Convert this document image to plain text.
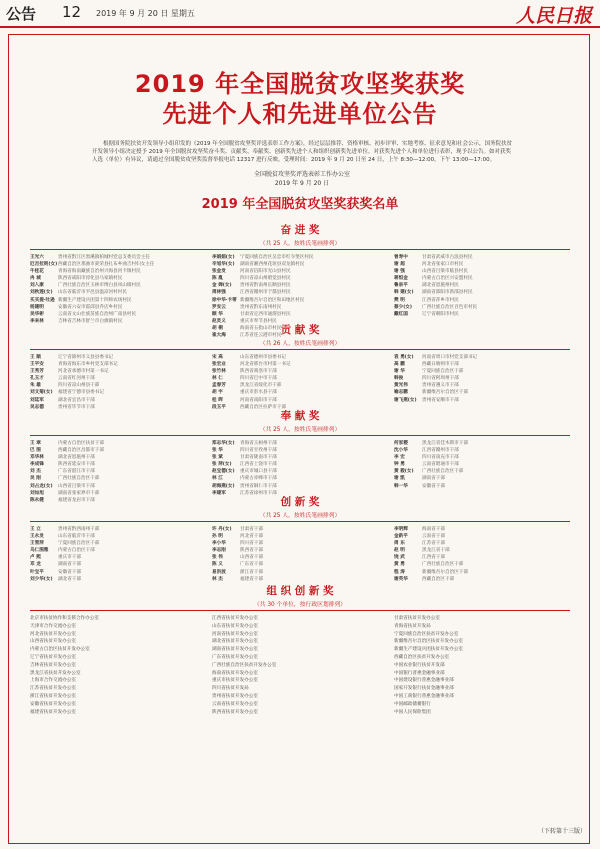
公告 12 2019 年 9 月 20 日 星期五	人民日报
2019 年全国脱贫攻坚奖获奖
先进个人和先进单位公告
根据国务院扶贫开发领导小组印发的《2019 年全国脱贫攻坚奖评选表彰工作方案》，经过层层推荐、资格审核、初步评审、实地考察、征求意见和社会公示，国务院扶贫开发领导小组决定授予 2019 年全国脱贫攻坚奖奋斗奖、贡献奖、奉献奖、创新奖先进个人和组织创新奖先进单位。对获奖先进个人和单位进行表彰，现予以公告。如对获奖人选（单位）有异议，请通过全国脱贫攻坚奖监督举报电话 12317 进行反映。受理时间：2019 年 9 月 20 日至 24 日，上午 8:30—12:00，下午 13:00—17:00。
全国脱贫攻坚奖评选表彰工作办公室
2019 年 9 月 20 日
2019 年全国脱贫攻坚奖获奖名单
奋 进 奖
（共 25 人，按姓氏笔画排列）
王光六	贵州省黔江区黑溪镇柏城村党总支委员会主任
厄吉拉则(女)西藏自治区那曲市聂荣县扎布乡曲吉村妇女主任
牛桂花	青海省海南藏族自治州兴海县河卡镇村民
冉 城	陕西省咸阳市淳化县马家镇村民
刘入康	广西壮族自治区玉林市博白县凤山镇村民
刘秋莲(女) 山东省临沂市平邑县温凉河村村民
买买提·吐逊 新疆生产建设兵团第十四师农场村民
杨建明	安徽省六安市霍邱县乔店乡村民
吴华彬	云南省文山壮族苗族自治州广南县村民
李来林	吉林省吉林市舒兰市白旗镇村民
李娟娟(女) 宁夏回族自治区吴忠市红寺堡区村民
辛旭华(女) 湖南省湘西州花垣县双龙镇村民
张金发	河南省信阳市光山县村民
陈 胤	四川省凉山州昭觉县村民
金 婵(女) 贵州省黔南州长顺县村民
周林强	江西省赣州市于都县村民
徐中华·卡蒂 新疆维吾尔自治区和田地区村民
罗安云	贵州省黔东南州村民
顾 华	甘肃省定西市通渭县村民
赵灵义	重庆市奉节县村民
胡 桐	海南省五指山市村民
崔大海	江苏省连云港市村民
曾寿中	甘肃省武威市古浪县村民
谢 超	河北省张家口市村民
谢 强	山西省吕梁市临县村民
蒋恒金	内蒙古自治区兴安盟村民
鲁泉平	湖北省恩施州村民
韩 建(女) 湖南省邵阳市新邵县村民
樊 明	江西省萍乡市村民
蔡少(女) 广西壮族自治区百色市村民
戴红国	辽宁省朝阳市村民
贡 献 奖
（共 26 人，按姓氏笔画排列）
王 顺	辽宁省锦州市义县县委书记
王平安	青海省海东市乡村党支部书记
王秀芳	河北省承德市村第一书记
孔玉才	云南省红河州干部
朱 雄	四川省凉山州县干部
刘文菊(女) 福建省宁德市县委书记
刘廷军	湖北省宜昌市干部
吴志德	贵州省毕节市干部
宋 高	山东省德州市县委书记
张宏业	河北省邢台市村第一书记
张竹林	陕西省商洛市干部
林 仁	四川省巴中市干部
孟春芳	黑龙江省绥化市干部
胡 宇	重庆市彭水县干部
桂 晖	河南省南阳市干部
段玉平	西藏自治区拉萨市干部
袁 勇(女) 河南省周口市村党支部书记
高 鹏	西藏日喀则市干部
谢 华	宁夏回族自治区干部
韩俊	四川省阿坝州干部
黄光伟	贵州省遵义市干部
喻志鹏	新疆维吾尔自治区干部
谢飞燕(女) 贵州省安顺市干部
奉 献 奖
（共 25 人，按姓氏笔画排列）
王 翠	内蒙古自治区扶贫干部
巴 图	西藏自治区昌都市干部
邓华林	湖北省恩施州干部
李成锋	陕西省延安市干部
刘 杰	广东省湛江市干部
吴 刚	广西壮族自治区干部
刘占龙(女) 山西省吕梁市干部
刘如旭	湖南省张家界市干部
陈永健	福建省龙岩市干部
郑志华(女) 青海省玉树州干部
张 华	四川省甘孜州干部
张 斌	甘肃省陇南市干部
张 萍(女) 江西省上饶市干部
赵宝德(女) 重庆市城口县干部
林 江	内蒙古赤峰市干部
胡海燕(女) 贵州省铜仁市干部
李建军	江苏省徐州市干部
何家稷	黑龙江省佳木斯市干部
沈小华	江西省赣州市干部
李 宏	四川省南充市干部
钟 勇	云南省昭通市干部
黄 毅(女) 广西壮族自治区干部
谢 凯	湖南省干部
韩一华	安徽省干部
创 新 奖
（共 25 人，按姓氏笔画排列）
王 立	贵州省黔西南州干部
王永发	山东省临沂市干部
王雪萍	宁夏回族自治区干部
乌仁图雅 内蒙古自治区干部
卢 熙	重庆市干部
邓 龙	湖南省干部
叶宝平	安徽省干部
刘少华(女) 湖北省干部
许 丹(女) 甘肃省干部
孙 明	河北省干部
李小华	四川省干部
李志刚	陕西省干部
张 伟	山西省干部
陈 义	广东省干部
易洪波	浙江省干部
林 杰	福建省干部
李明辉	海南省干部
金新平	云南省干部
周 东	江苏省干部
赵 明	黑龙江省干部
饶 武	江西省干部
黄 勇	广西壮族自治区干部
程 涛	新疆维吾尔自治区干部
谢英华	西藏自治区干部
组 织 创 新 奖
（共 30 个单位，按行政区划排列）
北京市扶贫协作和支援合作办公室
天津市合作交流办公室
河北省扶贫开发办公室
山西省扶贫开发办公室
内蒙古自治区扶贫开发办公室
辽宁省扶贫开发办公室
吉林省扶贫开发办公室
黑龙江省扶贫开发办公室
上海市合作交流办公室
江苏省扶贫开发办公室
浙江省扶贫开发办公室
安徽省扶贫开发办公室
福建省扶贫开发办公室
江西省扶贫开发办公室
山东省扶贫开发办公室
河南省扶贫开发办公室
湖北省扶贫开发办公室
湖南省扶贫开发办公室
广东省扶贫开发办公室
广西壮族自治区扶贫开发办公室
海南省扶贫开发办公室
重庆市扶贫开发办公室
四川省扶贫开发局
贵州省扶贫开发办公室
云南省扶贫开发办公室
陕西省扶贫开发办公室
甘肃省扶贫开发办公室
青海省扶贫开发局
宁夏回族自治区扶贫开发办公室
新疆维吾尔自治区扶贫开发办公室
新疆生产建设兵团扶贫开发办公室
西藏自治区扶贫开发办公室
中国农业银行扶贫开发部
中国银行普惠金融事业部
中国建设银行普惠金融事业部
国家开发银行扶贫金融事业部
中国工商银行普惠金融事业部
中国邮政储蓄银行
中国人民保险集团
（下转第十三版）
